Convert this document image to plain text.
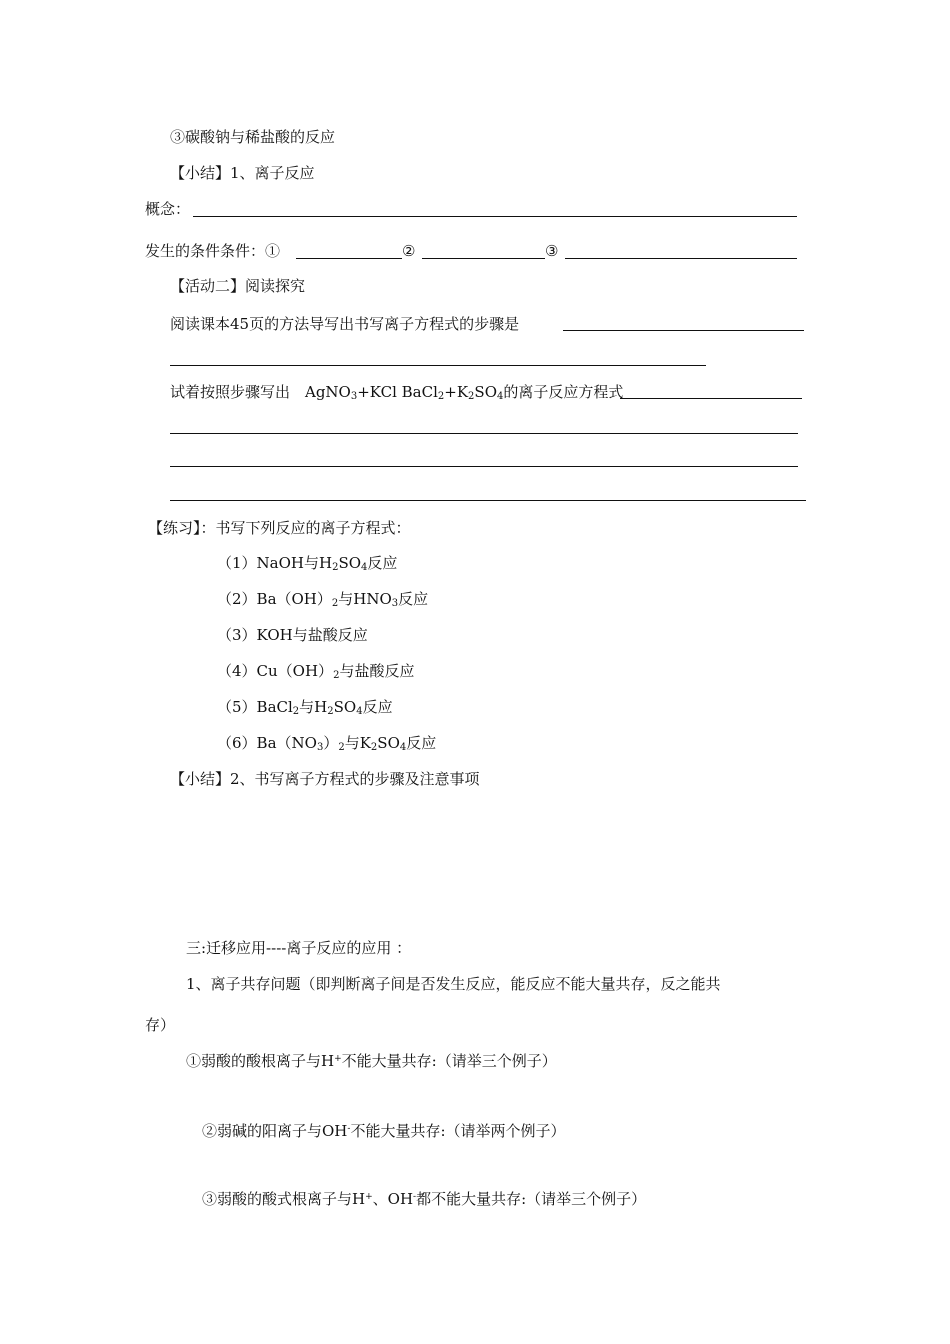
③碳酸钠与稀盐酸的反应
【小结】1、离子反应
概念：
发生的条件条件：①	②	③
【活动二】阅读探究
阅读课本45页的方法导写出书写离子方程式的步骤是
试着按照步骤写出　AgNO$_3$+KCl $BaCl_2+K_2SO_4$的离子反应方程式
【练习】：书写下列反应的离子方程式：
（1）NaOH与$H_2SO_4$反应
$(2)Ba(OH)_2$与$HNO_3$反应
（3）KOH与盐酸反应
$(4)Cu(OH)_2$与盐酸反应
（5）BaCl$_2$与$H_2SO_4$反应
$(6)Ba(NO_3)_2$与$K_2SO_4$反应
【小结】2、书写离子方程式的步骤及注意事项
三:迁移应用----离子反应的应用 ：
1、离子共存问题（即判断离子间是否发生反应，能反应不能大量共存，反之能共
存）
①弱酸的酸根离子与H+不能大量共存:（请举三个例子）
②弱碱的阳离子与OH-不能大量共存:（请举两个例子）
③弱酸的酸式根离子与H+、OH-都不能大量共存:（请举三个例子）
